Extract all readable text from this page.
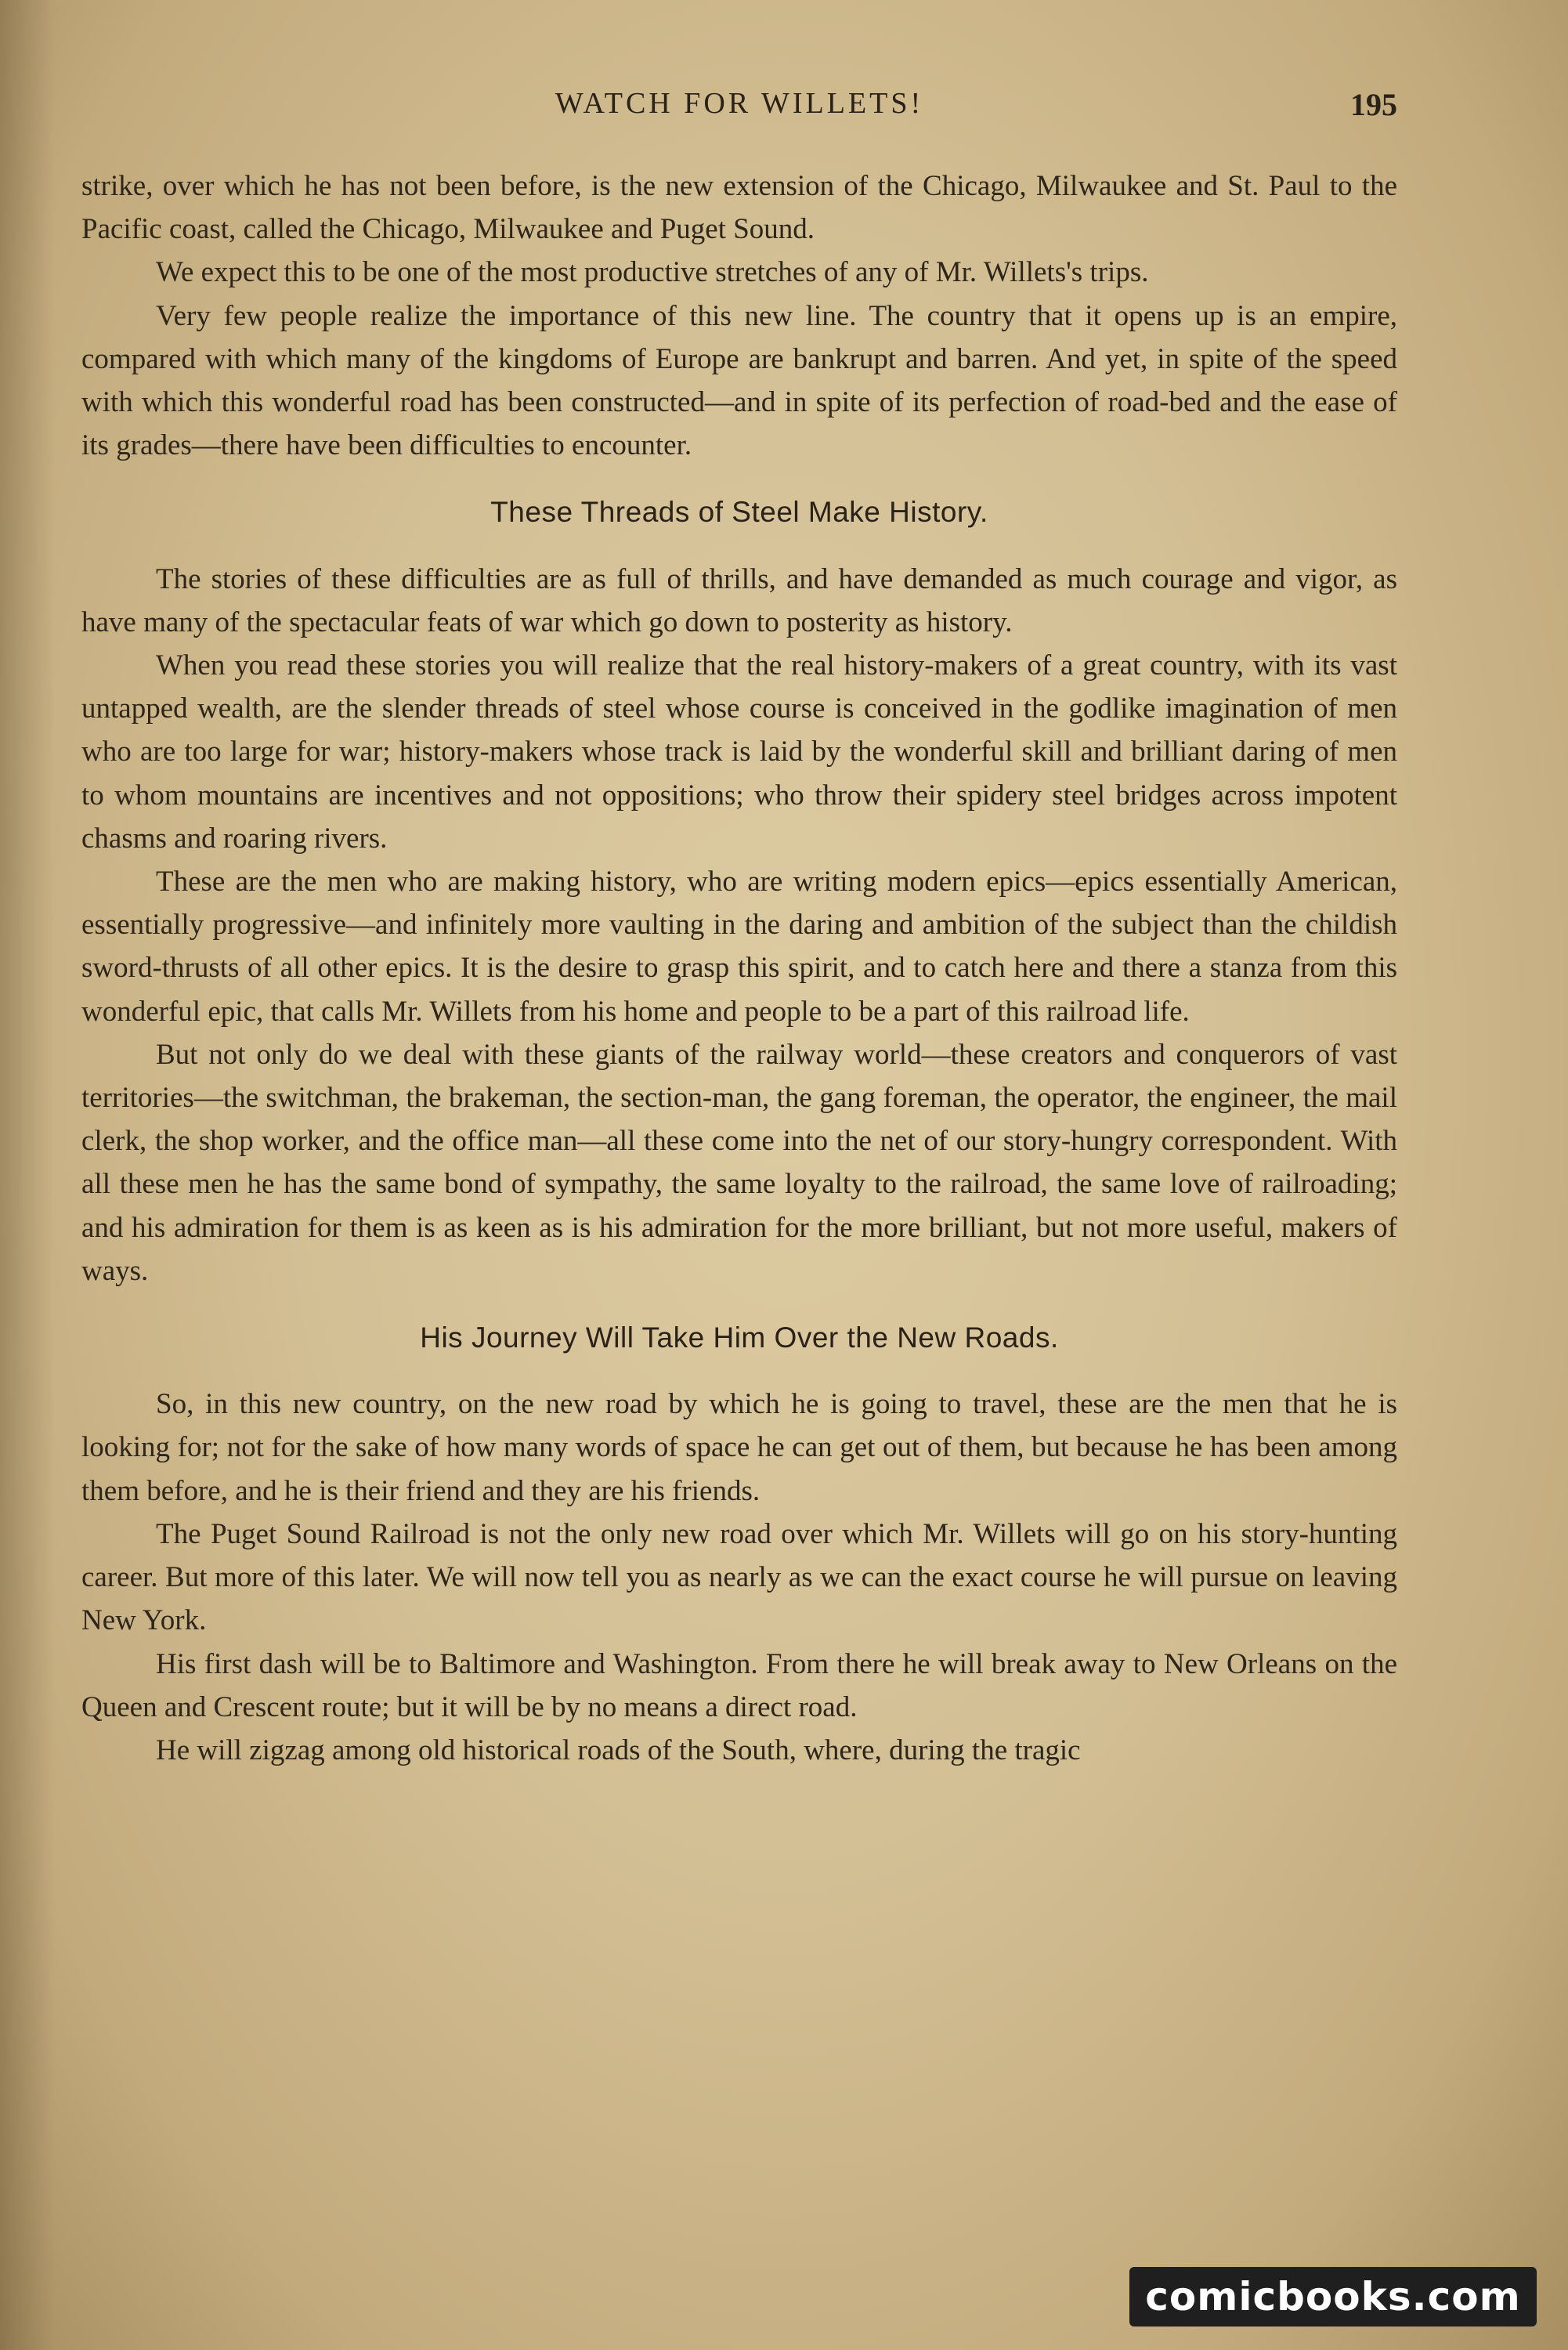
WATCH FOR WILLETS!	195

strike, over which he has not been before, is the new extension of the Chicago, Milwaukee and St. Paul to the Pacific coast, called the Chicago, Milwaukee and Puget Sound.

We expect this to be one of the most productive stretches of any of Mr. Willets's trips.

Very few people realize the importance of this new line. The country that it opens up is an empire, compared with which many of the kingdoms of Europe are bankrupt and barren. And yet, in spite of the speed with which this wonderful road has been constructed—and in spite of its perfection of road-bed and the ease of its grades—there have been difficulties to encounter.

These Threads of Steel Make History.

The stories of these difficulties are as full of thrills, and have demanded as much courage and vigor, as have many of the spectacular feats of war which go down to posterity as history.

When you read these stories you will realize that the real history-makers of a great country, with its vast untapped wealth, are the slender threads of steel whose course is conceived in the godlike imagination of men who are too large for war; history-makers whose track is laid by the wonderful skill and brilliant daring of men to whom mountains are incentives and not oppositions; who throw their spidery steel bridges across impotent chasms and roaring rivers.

These are the men who are making history, who are writing modern epics—epics essentially American, essentially progressive—and infinitely more vaulting in the daring and ambition of the subject than the childish sword-thrusts of all other epics. It is the desire to grasp this spirit, and to catch here and there a stanza from this wonderful epic, that calls Mr. Willets from his home and people to be a part of this railroad life.

But not only do we deal with these giants of the railway world—these creators and conquerors of vast territories—the switchman, the brakeman, the section-man, the gang foreman, the operator, the engineer, the mail clerk, the shop worker, and the office man—all these come into the net of our story-hungry correspondent. With all these men he has the same bond of sympathy, the same loyalty to the railroad, the same love of railroading; and his admiration for them is as keen as is his admiration for the more brilliant, but not more useful, makers of ways.

His Journey Will Take Him Over the New Roads.

So, in this new country, on the new road by which he is going to travel, these are the men that he is looking for; not for the sake of how many words of space he can get out of them, but because he has been among them before, and he is their friend and they are his friends.

The Puget Sound Railroad is not the only new road over which Mr. Willets will go on his story-hunting career. But more of this later. We will now tell you as nearly as we can the exact course he will pursue on leaving New York.

His first dash will be to Baltimore and Washington. From there he will break away to New Orleans on the Queen and Crescent route; but it will be by no means a direct road.

He will zigzag among old historical roads of the South, where, during the tragic

comicbooks.com
